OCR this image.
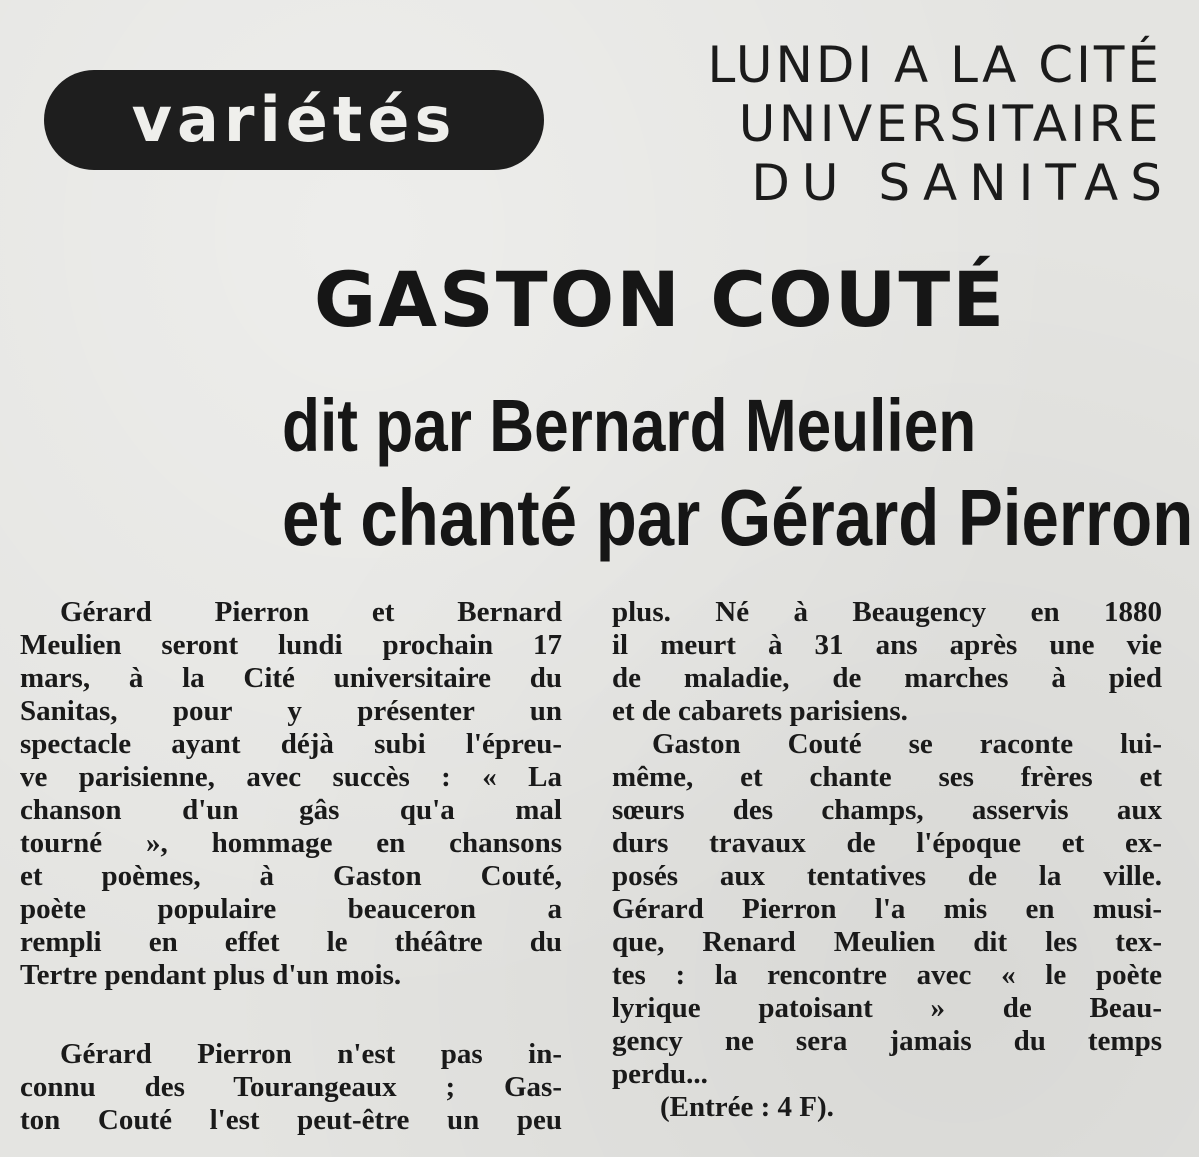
variétés
LUNDI A LA CITÉ
UNIVERSITAIRE
DU SANITAS
GASTON COUTÉ
dit par Bernard Meulien
et chanté par Gérard Pierron
Gérard Pierron et Bernard
Meulien seront lundi prochain 17
mars, à la Cité universitaire du
Sanitas, pour y présenter un
spectacle ayant déjà subi l'épreu-
ve parisienne, avec succès : « La
chanson d'un gâs qu'a mal
tourné », hommage en chansons
et poèmes, à Gaston Couté,
poète populaire beauceron a
rempli en effet le théâtre du
Tertre pendant plus d'un mois.
Gérard Pierron n'est pas in-
connu des Tourangeaux ; Gas-
ton Couté l'est peut-être un peu
plus. Né à Beaugency en 1880
il meurt à 31 ans après une vie
de maladie, de marches à pied
et de cabarets parisiens.
Gaston Couté se raconte lui-
même, et chante ses frères et
sœurs des champs, asservis aux
durs travaux de l'époque et ex-
posés aux tentatives de la ville.
Gérard Pierron l'a mis en musi-
que, Renard Meulien dit les tex-
tes : la rencontre avec « le poète
lyrique patoisant » de Beau-
gency ne sera jamais du temps
perdu...
(Entrée : 4 F).
